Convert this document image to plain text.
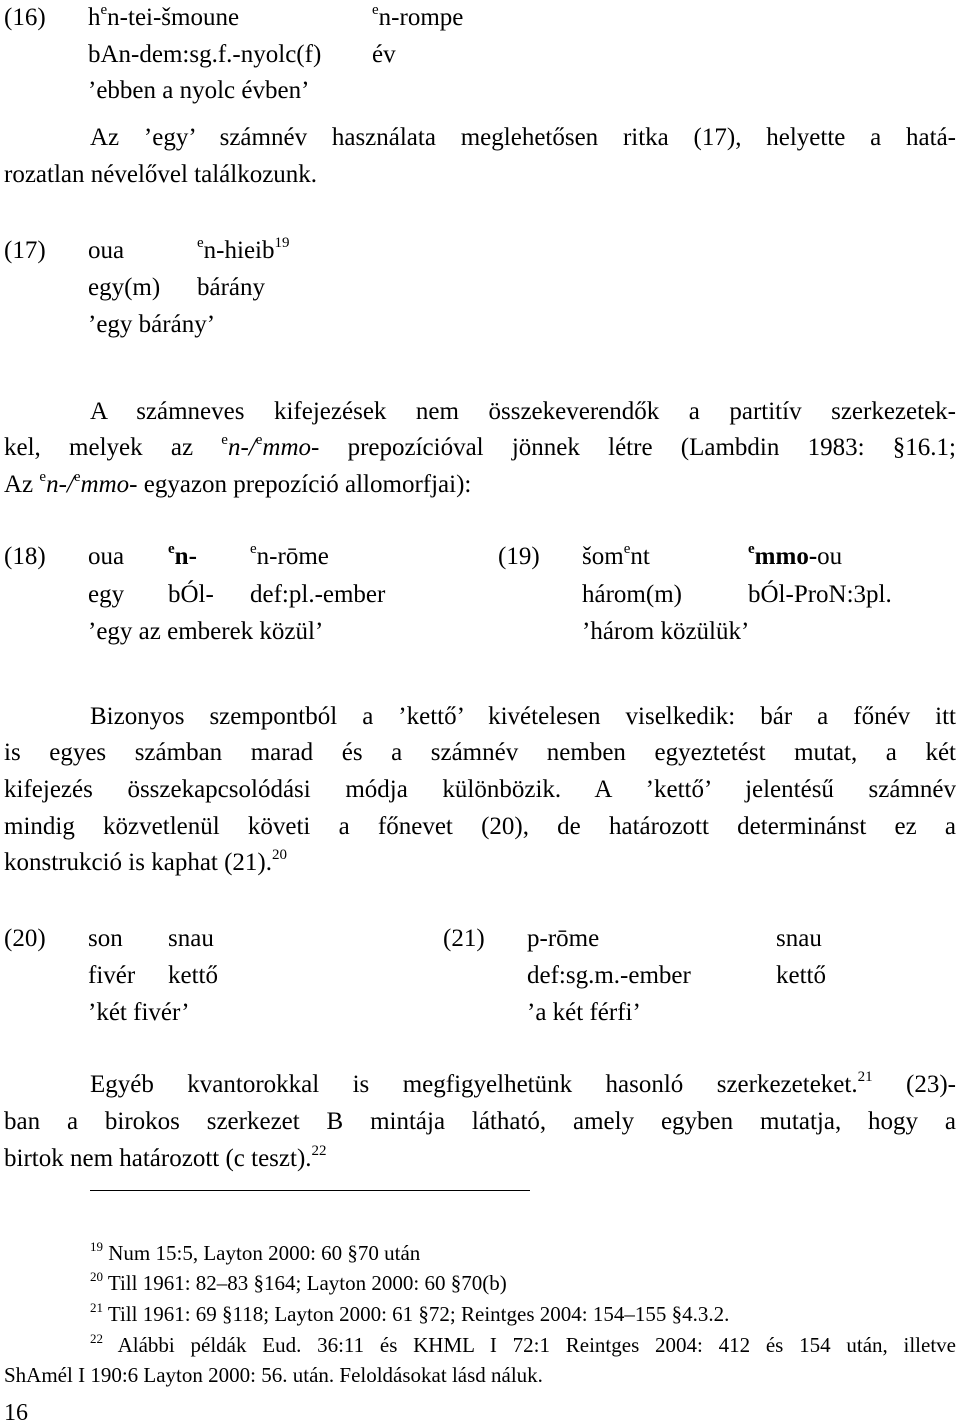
(16) $h^en-tei$-šmoune	$^e$n-rompe
bAn-dem:sg.f.-nyolc(f) év
’ebben a nyolc évben’
Az ’egy’ számnév használata meglehetősen ritka (17), helyette a hatá-
rozatlan névelővel találkozunk.
(17) oua	$^e$n-hieib$^{19}$
egy(m) bárány
’egy bárány’
A számneves kifejezések nem összekeverendők a partitív szerkezetek-
kel, melyek az $^e$n-/$^e$mmo- prepozícióval jönnek létre (Lambdin 1983: §16.1;
Az $^e$n-/$^e$mmo- egyazon prepozíció allomorfjai):
(18) oua	$^e$n-	$^e$n-rōme
egy bÓl- def:pl.-ember
’egy az emberek közül’
(19) šom$^e$nt	$^e$mmo-ou
három(m)	bÓl-ProN:3pl.
’három közülük’
Bizonyos szempontból a ’kettő’ kivételesen viselkedik: bár a főnév itt
is egyes számban marad és a számnév nemben egyeztetést mutat, a két
kifejezés összekapcsolódási módja különbözik. A ’kettő’ jelentésű számnév
mindig közvetlenül követi a főnevet (20), de határozott determinánst ez a
konstrukció is kaphat (21).$^{20}$
(20) son snau
fivér kettő
’két fivér’
(21) p-rōme	snau
def:sg.m.-ember	kettő
’a két férfi’
Egyéb kvantorokkal is megfigyelhetünk hasonló szerkezeteket.$^{21}$ (23)-
ban a birokos szerkezet B mintája látható, amely egyben mutatja, hogy a
birtok nem határozott (c teszt).$^{22}$
$^{19}$ Num 15:5, Layton 2000: 60 §70 után
$^{20}$ Till 1961: 82–83 §164; Layton 2000: 60 §70(b)
$^{21}$ Till 1961: 69 §118; Layton 2000: 61 §72; Reintges 2004: 154–155 §4.3.2.
$^{22}$ Alábbi példák Eud. 36:11 és KHML I 72:1 Reintges 2004: 412 és 154 után, illetve
ShAmél I 190:6 Layton 2000: 56. után. Feloldásokat lásd náluk.
16
